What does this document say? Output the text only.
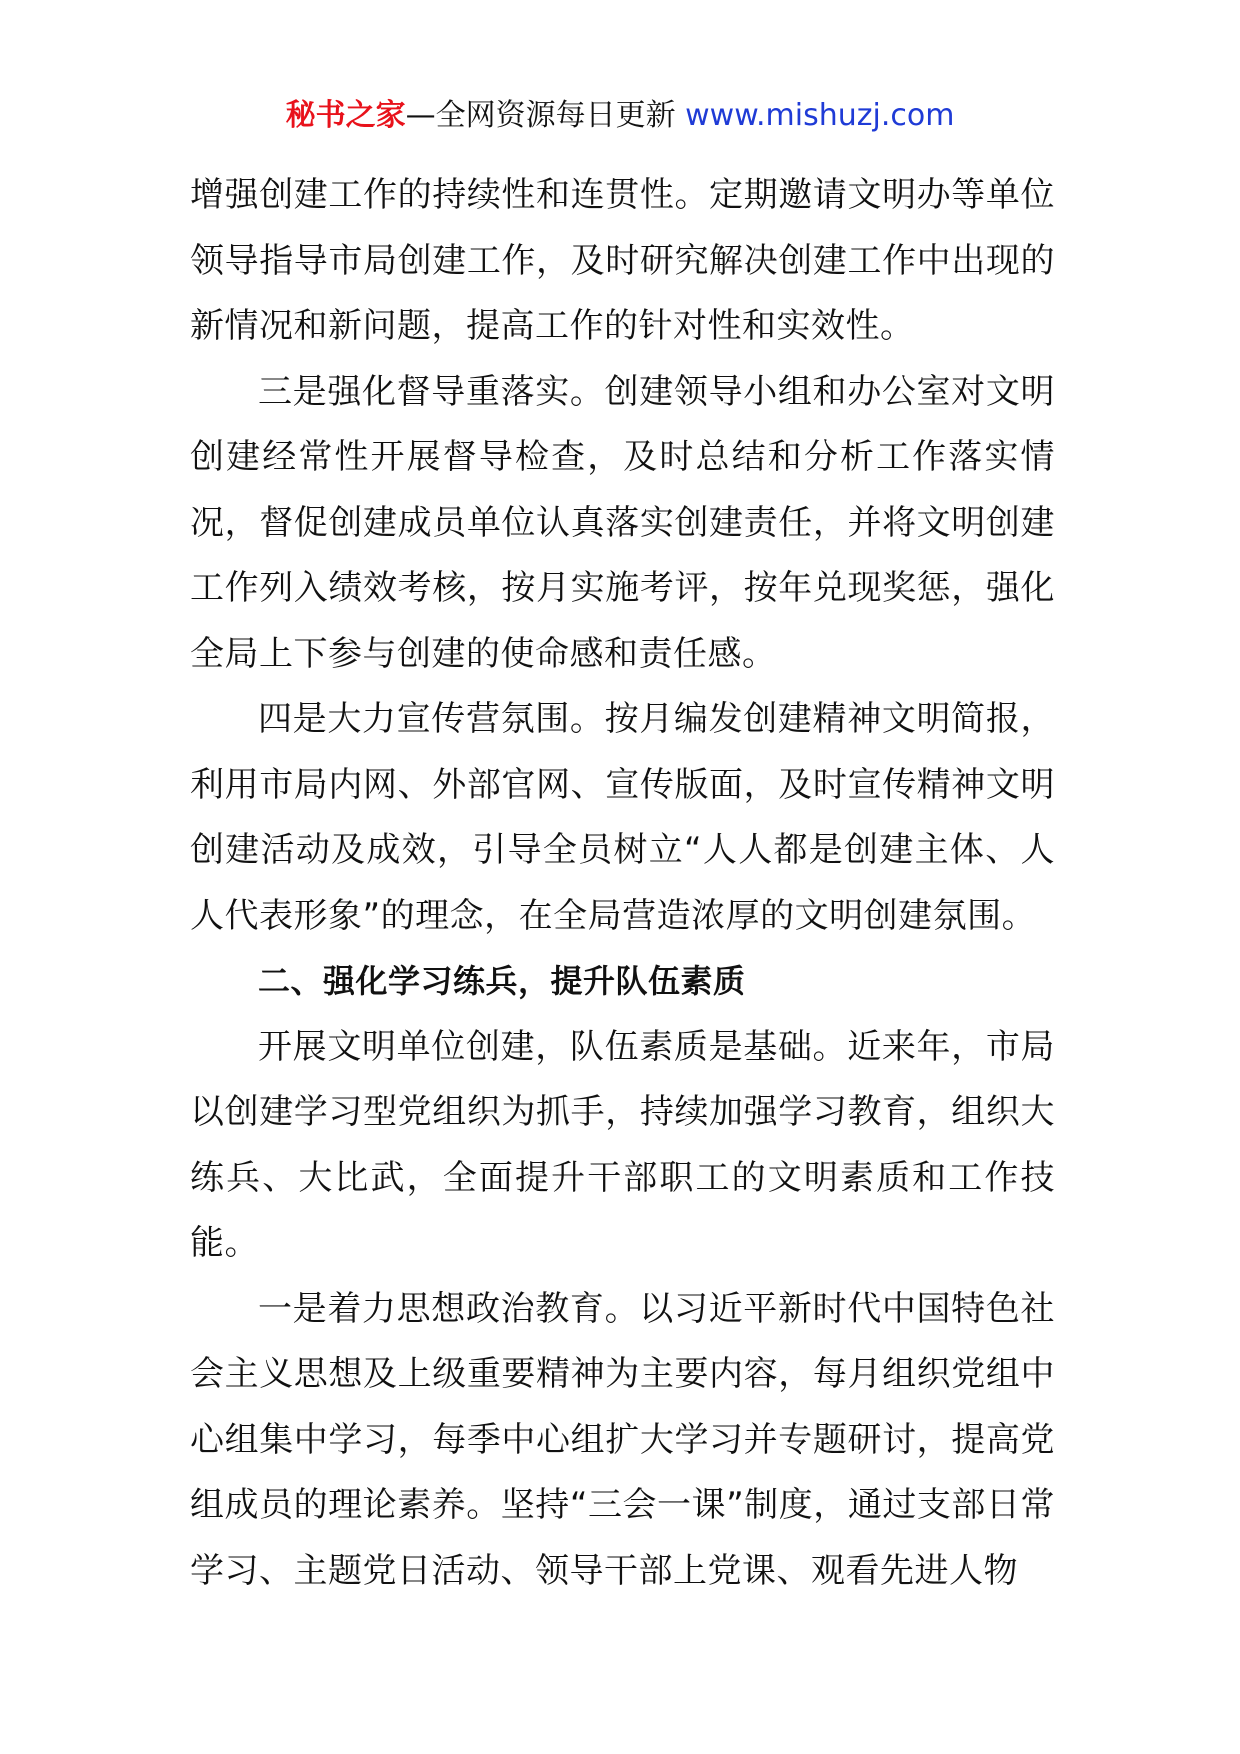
秘书之家—全网资源每日更新 www.mishuzj.com

增强创建工作的持续性和连贯性。定期邀请文明办等单位领导指导市局创建工作，及时研究解决创建工作中出现的新情况和新问题，提高工作的针对性和实效性。

三是强化督导重落实。创建领导小组和办公室对文明创建经常性开展督导检查，及时总结和分析工作落实情况，督促创建成员单位认真落实创建责任，并将文明创建工作列入绩效考核，按月实施考评，按年兑现奖惩，强化全局上下参与创建的使命感和责任感。

四是大力宣传营氛围。按月编发创建精神文明简报，利用市局内网、外部官网、宣传版面，及时宣传精神文明创建活动及成效，引导全员树立“人人都是创建主体、人人代表形象”的理念，在全局营造浓厚的文明创建氛围。

二、强化学习练兵，提升队伍素质

开展文明单位创建，队伍素质是基础。近来年，市局以创建学习型党组织为抓手，持续加强学习教育，组织大练兵、大比武，全面提升干部职工的文明素质和工作技能。

一是着力思想政治教育。以习近平新时代中国特色社会主义思想及上级重要精神为主要内容，每月组织党组中心组集中学习，每季中心组扩大学习并专题研讨，提高党组成员的理论素养。坚持“三会一课”制度，通过支部日常学习、主题党日活动、领导干部上党课、观看先进人物
